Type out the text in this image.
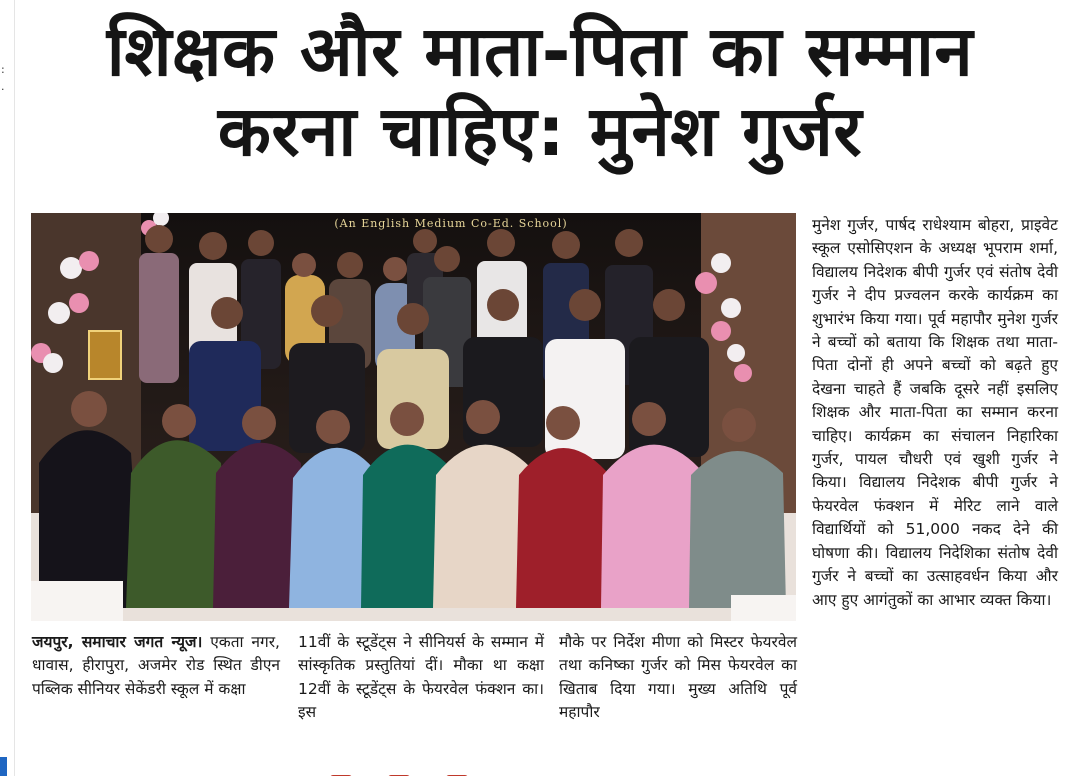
:
·	शिक्षक और माता-पिता का सम्मान
करना चाहिए: मुनेश गुर्जर
(An English Medium Co-Ed. School)	मुनेश गुर्जर, पार्षद राधेश्याम बोहरा, प्राइवेट स्कूल एसोसिएशन के अध्यक्ष भूपराम शर्मा, विद्यालय निदेशक बीपी गुर्जर एवं संतोष देवी गुर्जर ने दीप प्रज्वलन करके कार्यक्रम का शुभारंभ किया गया। पूर्व महापौर मुनेश गुर्जर ने बच्चों को बताया कि शिक्षक तथा माता-पिता दोनों ही अपने बच्चों को बढ़ते हुए देखना चाहते हैं जबकि दूसरे नहीं इसलिए शिक्षक और माता-पिता का सम्मान करना चाहिए। कार्यक्रम का संचालन निहारिका गुर्जर, पायल चौधरी एवं खुशी गुर्जर ने किया। विद्यालय निदेशक बीपी गुर्जर ने फेयरवेल फंक्शन में मेरिट लाने वाले विद्यार्थियों को 51,000 नकद देने की घोषणा की। विद्यालय निदेशिका संतोष देवी गुर्जर ने बच्चों का उत्साहवर्धन किया और आए हुए आगंतुकों का आभार व्यक्त किया।

जयपुर, समाचार जगत न्यूज। एकता नगर, धावास, हीरापुरा, अजमेर रोड स्थित डीएन पब्लिक सीनियर सेकेंडरी स्कूल में कक्षा

11वीं के स्टूडेंट्स ने सीनियर्स के सम्मान में सांस्कृतिक प्रस्तुतियां दीं। मौका था कक्षा 12वीं के स्टूडेंट्स के फेयरवेल फंक्शन का। इस

मौके पर निर्देश मीणा को मिस्टर फेयरवेल तथा कनिष्का गुर्जर को मिस फेयरवेल का खिताब दिया गया। मुख्य अतिथि पूर्व महापौर
